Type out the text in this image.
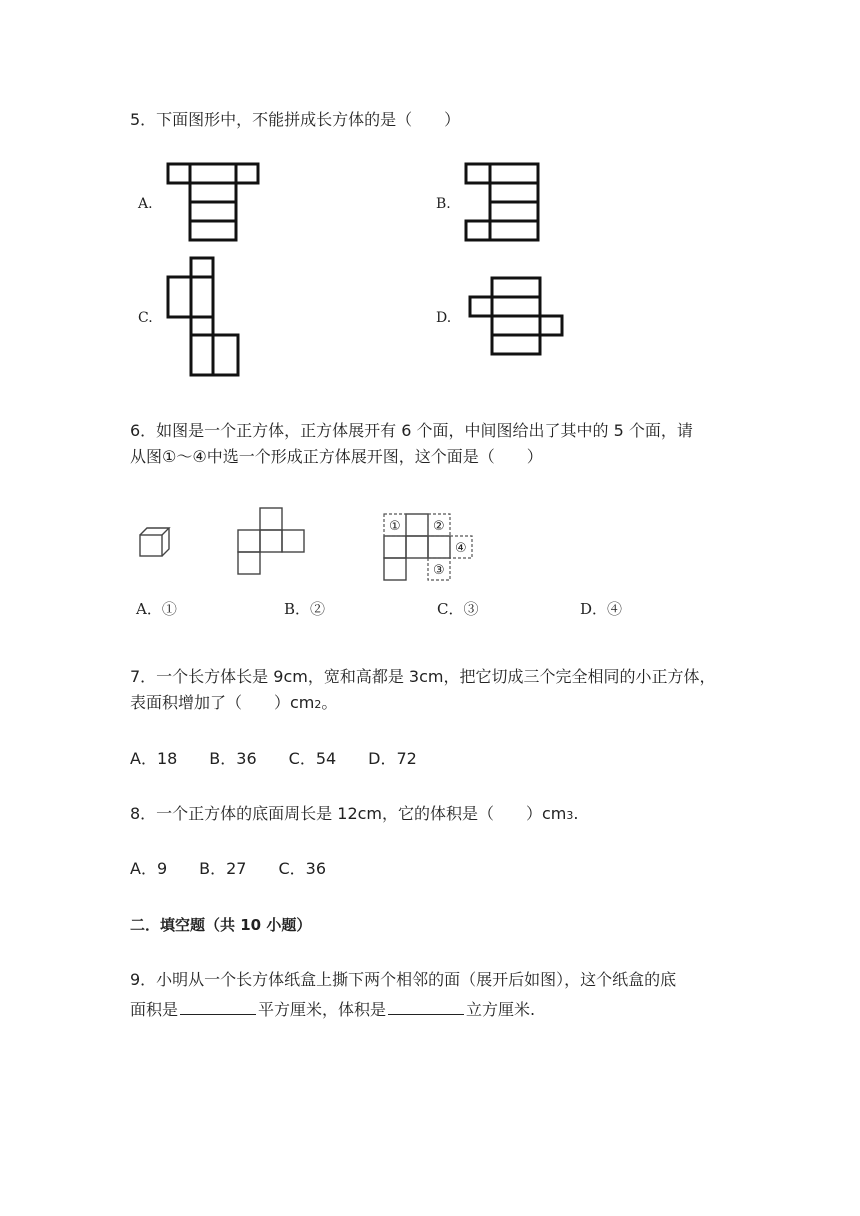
5．下面图形中，不能拼成长方体的是（　　）
A.	B.
C.	D.
6．如图是一个正方体，正方体展开有 6 个面，中间图给出了其中的 5 个面，请
从图①～④中选一个形成正方体展开图，这个面是（　　）
① ②
④
③
A．①	B．②	C．③	D．④
7．一个长方体长是 9cm，宽和高都是 3cm，把它切成三个完全相同的小正方体，
表面积增加了（　　）cm2。
A．18　　B．36　　C．54　　D．72
8．一个正方体的底面周长是 12cm，它的体积是（　　）cm3.
A．9　　B．27　　C．36
二．填空题（共 10 小题）
9．小明从一个长方体纸盒上撕下两个相邻的面（展开后如图），这个纸盒的底
面积是	平方厘米，体积是	立方厘米.
